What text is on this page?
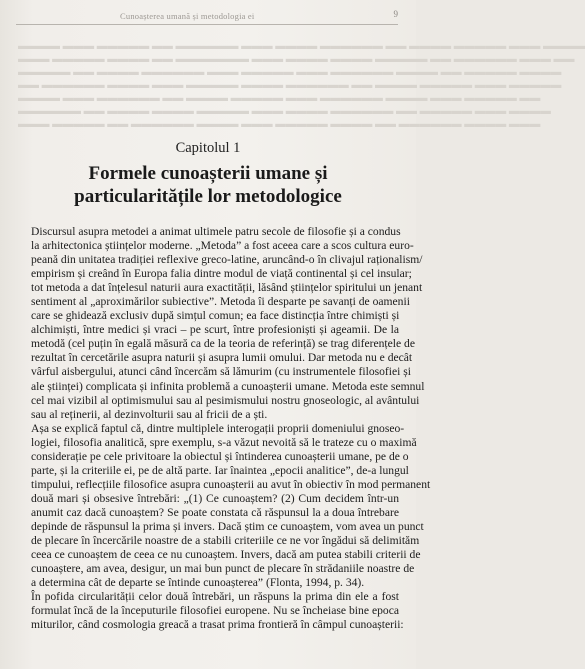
Cunoașterea umană și metodologia ei	9
▬▬▬▬ ▬▬▬ ▬▬▬▬▬ ▬▬ ▬▬▬▬▬▬ ▬▬▬ ▬▬▬▬ ▬▬▬▬▬▬ ▬▬ ▬▬▬▬ ▬▬▬▬▬ ▬▬▬ ▬▬▬▬
▬▬▬ ▬▬▬▬▬ ▬▬▬▬ ▬▬ ▬▬▬▬▬▬▬ ▬▬▬ ▬▬▬▬ ▬▬▬▬ ▬▬▬▬▬ ▬▬ ▬▬▬▬▬▬ ▬▬▬ ▬▬
▬▬▬▬▬ ▬▬ ▬▬▬▬ ▬▬▬▬▬▬ ▬▬▬ ▬▬▬▬▬ ▬▬▬ ▬▬▬▬▬▬ ▬▬▬▬ ▬▬ ▬▬▬▬▬ ▬▬▬▬
▬▬ ▬▬▬▬▬▬ ▬▬▬▬ ▬▬▬ ▬▬▬▬▬ ▬▬▬▬ ▬▬▬▬▬▬ ▬▬ ▬▬▬▬ ▬▬▬▬▬ ▬▬▬ ▬▬▬▬▬
▬▬▬▬ ▬▬▬ ▬▬▬▬▬▬ ▬▬ ▬▬▬▬ ▬▬▬▬▬ ▬▬▬ ▬▬▬▬▬▬ ▬▬▬▬ ▬▬▬ ▬▬▬▬▬ ▬▬
▬▬▬▬▬▬ ▬▬ ▬▬▬▬ ▬▬▬▬ ▬▬▬▬▬ ▬▬▬ ▬▬▬▬ ▬▬▬▬▬▬ ▬▬ ▬▬▬▬▬ ▬▬▬ ▬▬▬▬
▬▬▬ ▬▬▬▬▬ ▬▬ ▬▬▬▬▬▬ ▬▬▬▬ ▬▬▬ ▬▬▬▬▬ ▬▬▬▬ ▬▬ ▬▬▬▬▬▬ ▬▬▬▬ ▬▬▬
Capitolul 1
Formele cunoașterii umane și particularitățile lor metodologice

Discursul asupra metodei a animat ultimele patru secole de filosofie și a condus
la arhitectonica științelor moderne. „Metoda” a fost aceea care a scos cultura euro-
peană din unitatea tradiției reflexive greco-latine, aruncând-o în clivajul raționalism/
empirism și creând în Europa falia dintre modul de viață continental și cel insular;
tot metoda a dat înțelesul naturii aura exactității, lăsând științelor spiritului un jenant
sentiment al „aproximărilor subiective”. Metoda îi desparte pe savanți de oamenii
care se ghidează exclusiv după simțul comun; ea face distincția între chimiști și
alchimiști, între medici și vraci – pe scurt, între profesioniști și ageamii. De la
metodă (cel puțin în egală măsură ca de la teoria de referință) se trag diferențele de
rezultat în cercetările asupra naturii și asupra lumii omului. Dar metoda nu e decât
vârful aisbergului, atunci când încercăm să lămurim (cu instrumentele filosofiei și
ale științei) complicata și infinita problemă a cunoașterii umane. Metoda este semnul
cel mai vizibil al optimismului sau al pesimismului nostru gnoseologic, al avântului
sau al reținerii, al dezinvolturii sau al fricii de a ști.

Așa se explică faptul că, dintre multiplele interogații proprii domeniului gnoseo-
logiei, filosofia analitică, spre exemplu, s-a văzut nevoită să le trateze cu o maximă
considerație pe cele privitoare la obiectul și întinderea cunoașterii umane, pe de o
parte, și la criteriile ei, pe de altă parte. Iar înaintea „epocii analitice”, de-a lungul
timpului, reflecțiile filosofice asupra cunoașterii au avut în obiectiv în mod permanent
două mari și obsesive întrebări: „(1) Ce cunoaștem? (2) Cum decidem într-un
anumit caz dacă cunoaștem? Se poate constata că răspunsul la a doua întrebare
depinde de răspunsul la prima și invers. Dacă știm ce cunoaștem, vom avea un punct
de plecare în încercările noastre de a stabili criteriile ce ne vor îngădui să delimităm
ceea ce cunoaștem de ceea ce nu cunoaștem. Invers, dacă am putea stabili criterii de
cunoaștere, am avea, desigur, un mai bun punct de plecare în strădaniile noastre de
a determina cât de departe se întinde cunoașterea” (Flonta, 1994, p. 34).

În pofida circularității celor două întrebări, un răspuns la prima din ele a fost
formulat încă de la începuturile filosofiei europene. Nu se încheiase bine epoca
miturilor, când cosmologia greacă a trasat prima frontieră în câmpul cunoașterii:
